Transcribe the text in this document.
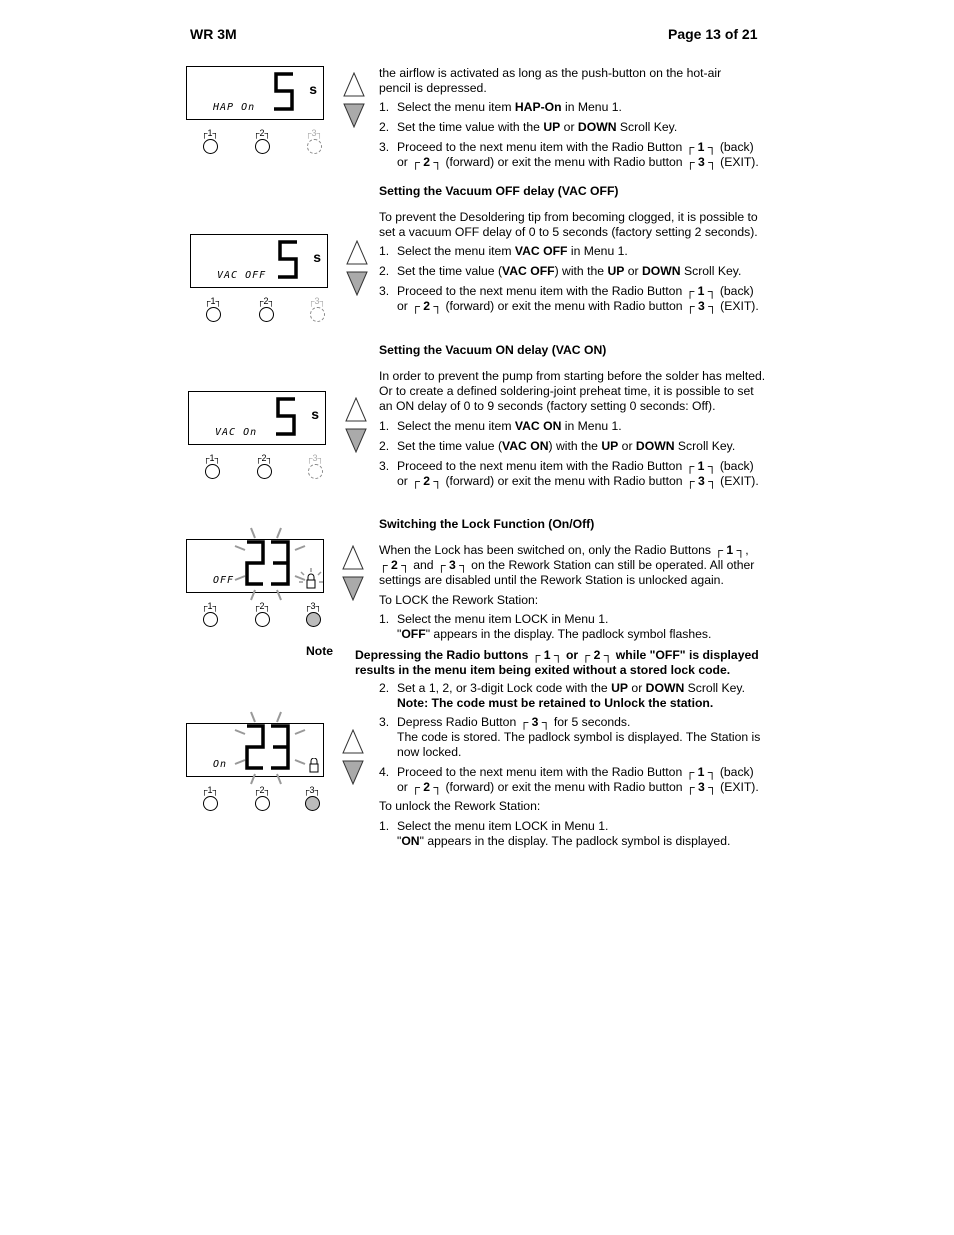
WR 3M	Page 13 of 21
s
HAP On
┌1┐	┌2┐	┌3┐
s
VAC OFF
┌1┐	┌2┐	┌3┐
s
VAC On
┌1┐	┌2┐	┌3┐
OFF
┌1┐	┌2┐	┌3┐
On
┌1┐	┌2┐	┌3┐

the airflow is activated as long as the push-button on the hot-air

pencil is depressed.

1. Select the menu item HAP-On in Menu 1.
2. Set the time value with the UP or DOWN Scroll Key.
3. Proceed to the next menu item with the Radio Button ┌ 1 ┐ (back)
or ┌ 2 ┐ (forward) or exit the menu with Radio button ┌ 3 ┐ (EXIT).

Setting the Vacuum OFF delay (VAC OFF)

To prevent the Desoldering tip from becoming clogged, it is possible to set a vacuum OFF delay of 0 to 5 seconds (factory setting 2 seconds).

1. Select the menu item VAC OFF in Menu 1.
2. Set the time value (VAC OFF) with the UP or DOWN Scroll Key.
3. Proceed to the next menu item with the Radio Button ┌ 1 ┐ (back)
or ┌ 2 ┐ (forward) or exit the menu with Radio button ┌ 3 ┐ (EXIT).

Setting the Vacuum ON delay (VAC ON)

In order to prevent the pump from starting before the solder has melted. Or to create a defined soldering-joint preheat time, it is possible to set an ON delay of 0 to 9 seconds (factory setting 0 seconds: Off).

1. Select the menu item VAC ON in Menu 1.
2. Set the time value (VAC ON) with the UP or DOWN Scroll Key.
3. Proceed to the next menu item with the Radio Button ┌ 1 ┐ (back)
or ┌ 2 ┐ (forward) or exit the menu with Radio button ┌ 3 ┐ (EXIT).

Switching the Lock Function (On/Off)

When the Lock has been switched on, only the Radio Buttons ┌ 1 ┐, ┌ 2 ┐ and ┌ 3 ┐ on the Rework Station can still be operated. All other settings are disabled until the Rework Station is unlocked again.

To LOCK the Rework Station:

1. Select the menu item LOCK in Menu 1.
"OFF" appears in the display. The padlock symbol flashes.
Note Depressing the Radio buttons ┌ 1 ┐ or ┌ 2 ┐ while "OFF" is displayed results in the menu item being exited without a stored lock code.
2. Set a 1, 2, or 3-digit Lock code with the UP or DOWN Scroll Key.
Note: The code must be retained to Unlock the station.
3. Depress Radio Button ┌ 3 ┐ for 5 seconds.
The code is stored. The padlock symbol is displayed. The Station is now locked.
4. Proceed to the next menu item with the Radio Button ┌ 1 ┐ (back)
or ┌ 2 ┐ (forward) or exit the menu with Radio button ┌ 3 ┐ (EXIT).

To unlock the Rework Station:

1. Select the menu item LOCK in Menu 1.
"ON" appears in the display. The padlock symbol is displayed.
